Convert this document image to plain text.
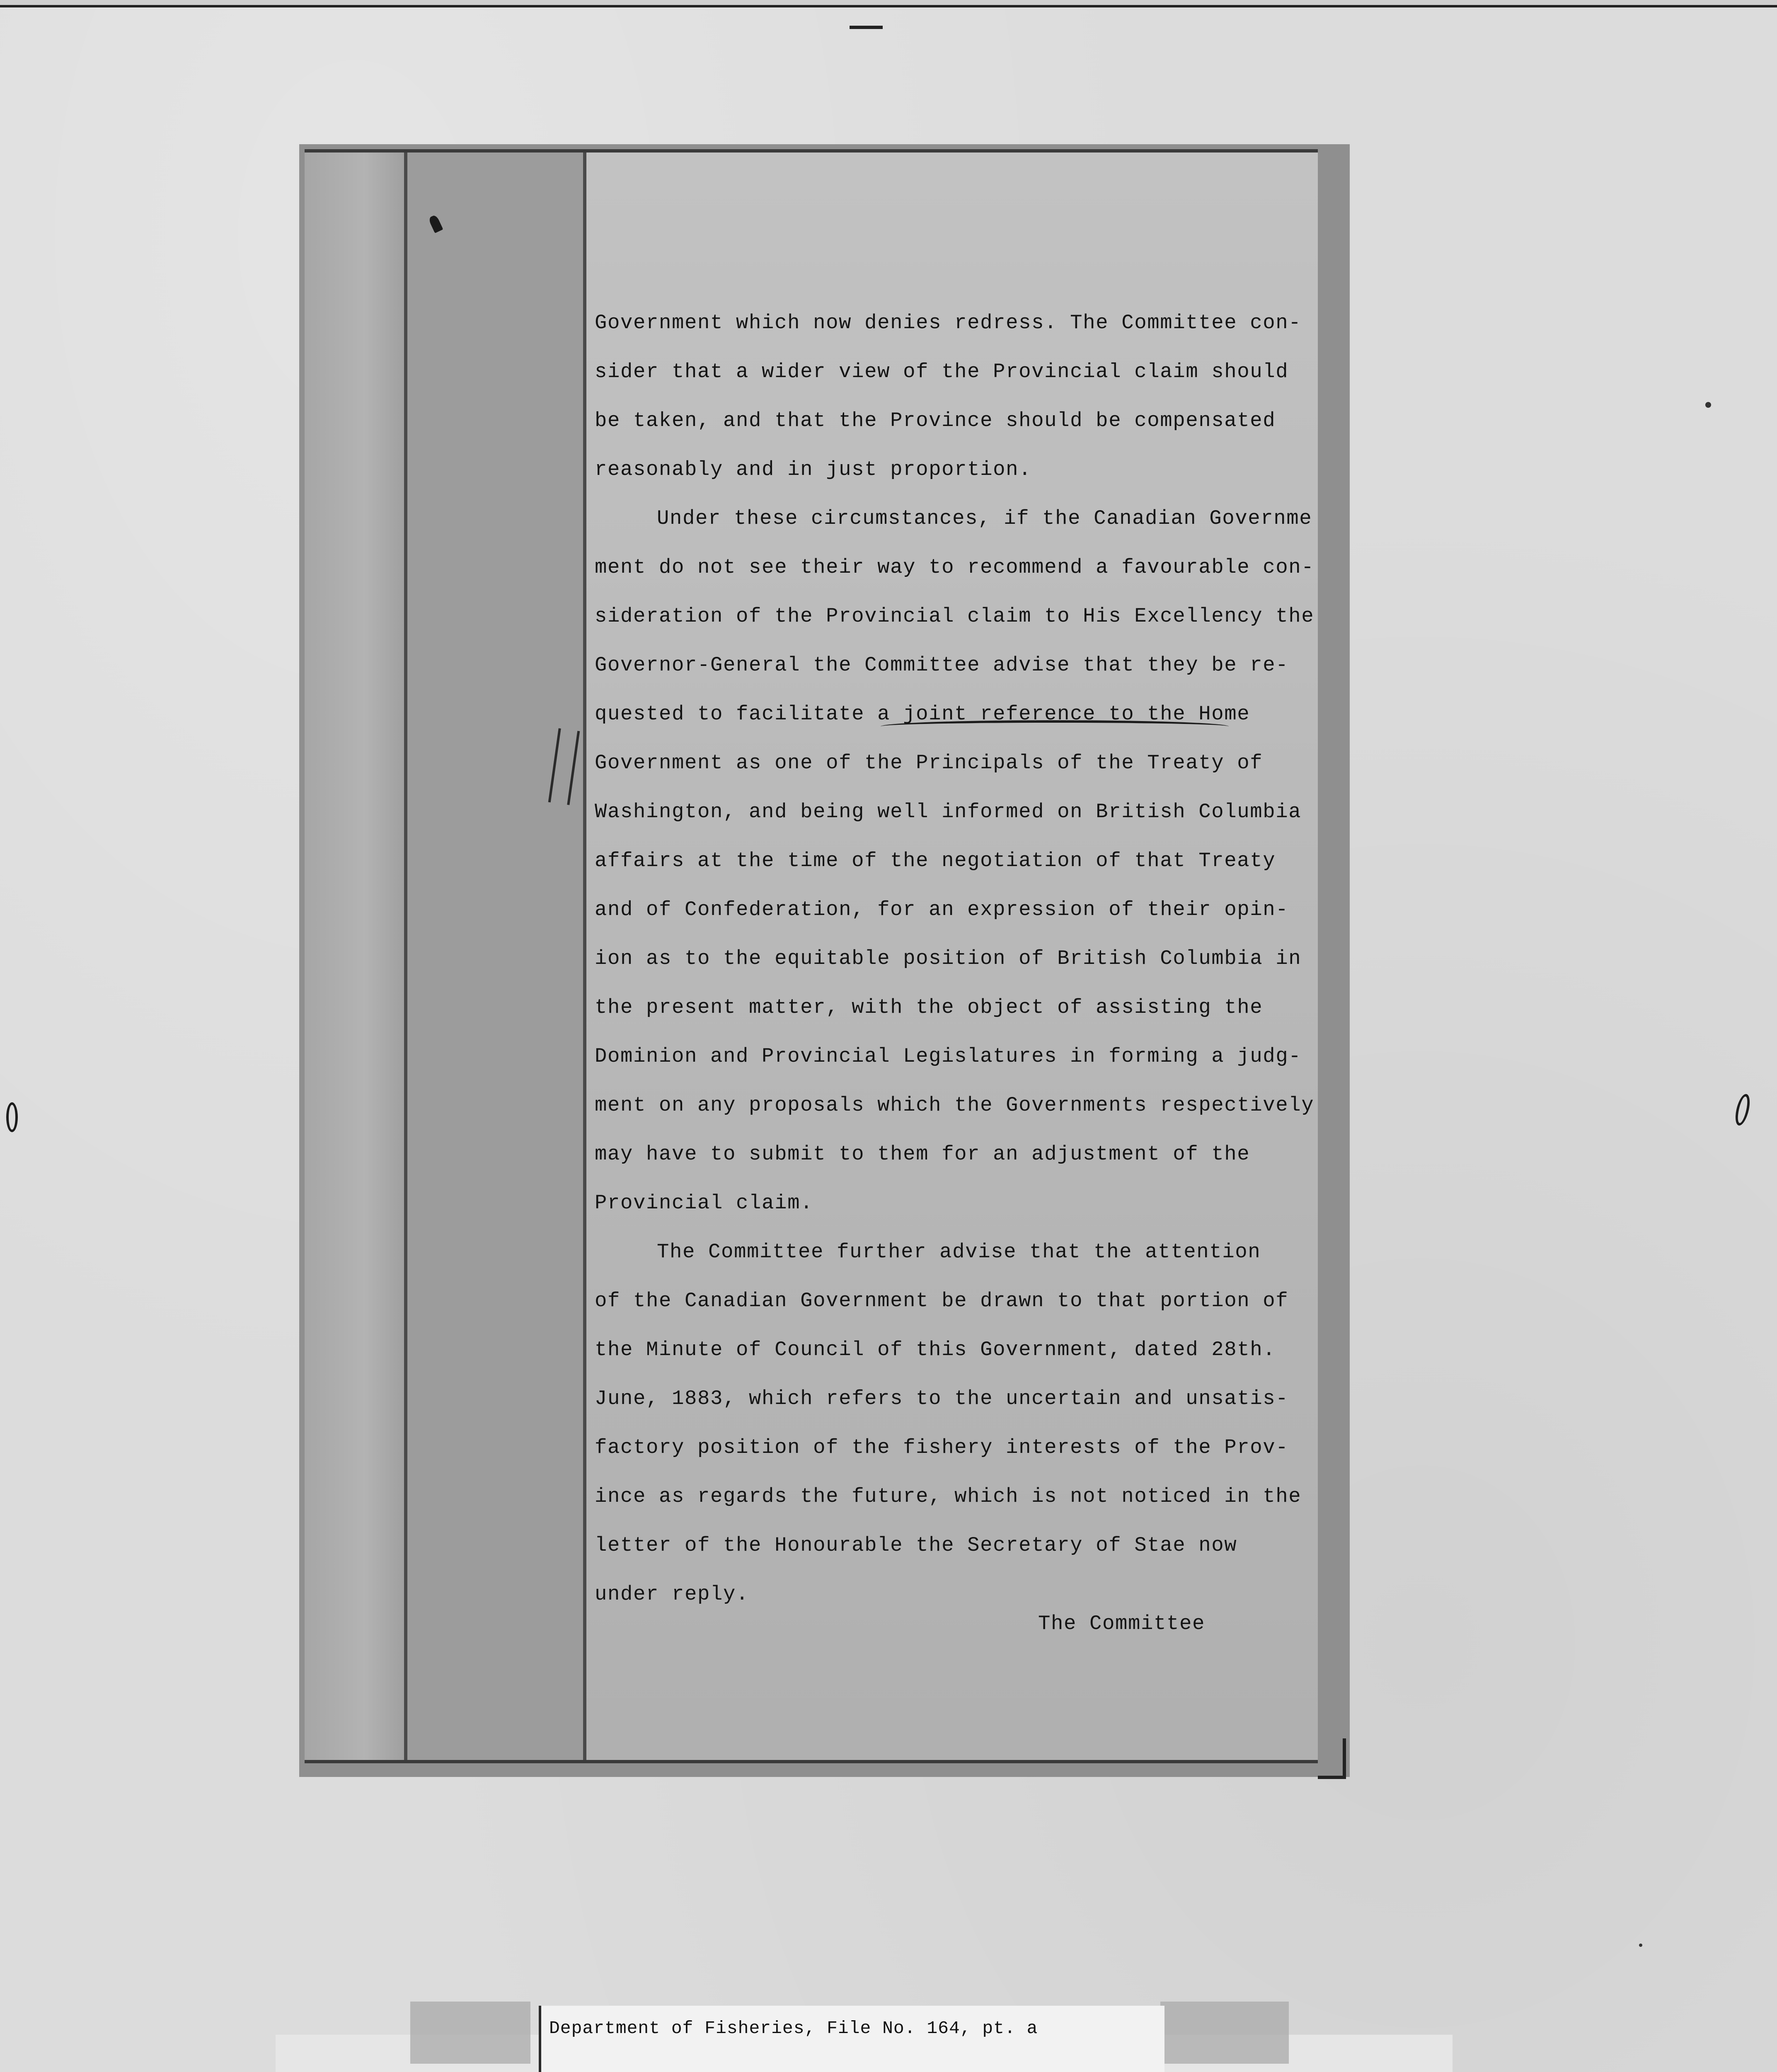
Government which now denies redress. The Committee con-
sider that a wider view of the Provincial claim should
be taken, and that the Province should be compensated
reasonably and in just proportion.

Under these circumstances, if the Canadian Governme
ment do not see their way to recommend a favourable con-
sideration of the Provincial claim to His Excellency the
Governor-General the Committee advise that they be re-
quested to facilitate a joint reference to the Home
Government as one of the Principals of the Treaty of
Washington, and being well informed on British Columbia
affairs at the time of the negotiation of that Treaty
and of Confederation, for an expression of their opin-
ion as to the equitable position of British Columbia in
the present matter, with the object of assisting the
Dominion and Provincial Legislatures in forming a judg-
ment on any proposals which the Governments respectively
may have to submit to them for an adjustment of the
Provincial claim.

The Committee further advise that the attention
of the Canadian Government be drawn to that portion of
the Minute of Council of this Government, dated 28th.
June, 1883, which refers to the uncertain and unsatis-
factory position of the fishery interests of the Prov-
ince as regards the future, which is not noticed in the
letter of the Honourable the Secretary of Stae now
under reply.

The Committee
Department of Fisheries, File No. 164, pt. a
